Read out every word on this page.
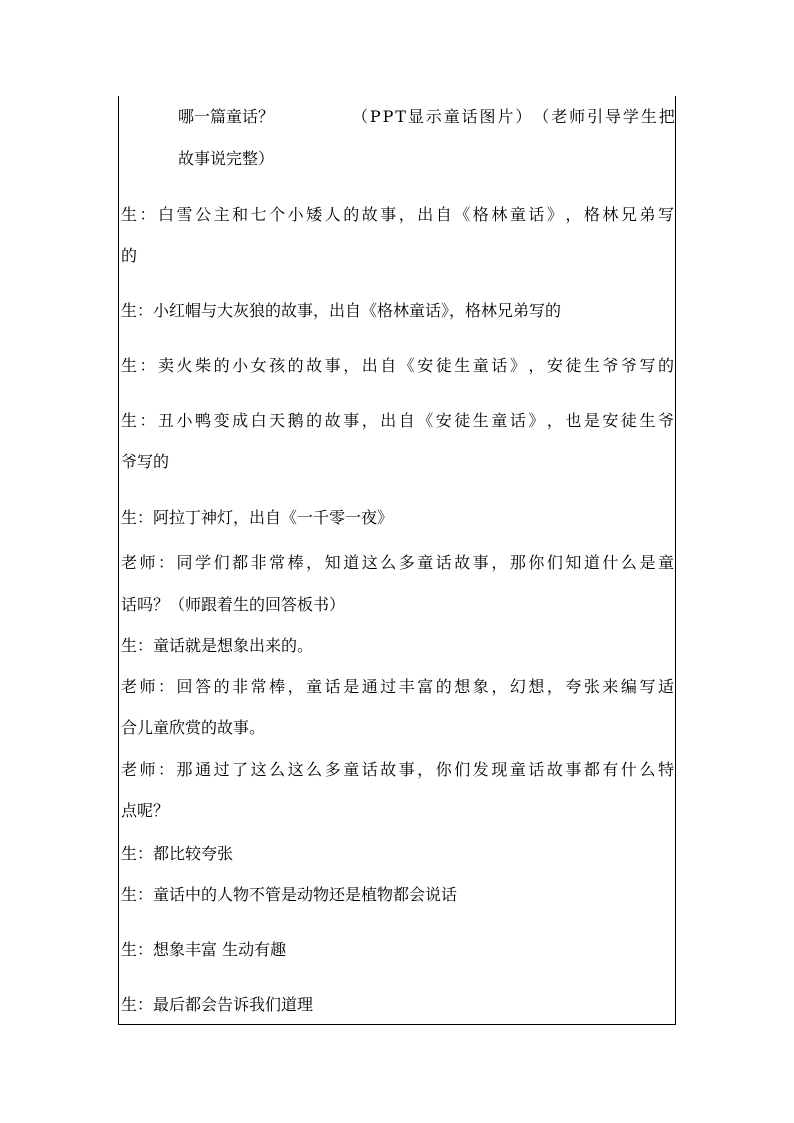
哪一篇童话？	（ P P T 显 示 童 话 图 片 ） （ 老 师 引 导 学 生 把
故事说完整）
生 ： 白 雪 公 主 和 七 个 小 矮 人 的 故 事 ， 出 自 《 格 林 童 话 》 ， 格 林 兄 弟 写
的
生：小红帽与大灰狼的故事，出自《格林童话》，格林兄弟写的
生 ： 卖 火 柴 的 小 女 孩 的 故 事 ， 出 自 《 安 徒 生 童 话 》 ， 安 徒 生 爷 爷 写 的
生 ： 丑 小 鸭 变 成 白 天 鹅 的 故 事 ， 出 自 《 安 徒 生 童 话 》 ， 也 是 安 徒 生 爷
爷写的
生：阿拉丁神灯，出自《一千零一夜》
老 师 ： 同 学 们 都 非 常 棒 ， 知 道 这 么 多 童 话 故 事 ， 那 你 们 知 道 什 么 是 童
话吗？（师跟着生的回答板书）
生：童话就是想象出来的。
老 师 ： 回 答 的 非 常 棒 ， 童 话 是 通 过 丰 富 的 想 象 ， 幻 想 ， 夸 张 来 编 写 适
合儿童欣赏的故事。
老 师 ： 那 通 过 了 这 么 这 么 多 童 话 故 事 ， 你 们 发 现 童 话 故 事 都 有 什 么 特
点呢？
生：都比较夸张
生：童话中的人物不管是动物还是植物都会说话
生：想象丰富 生动有趣
生：最后都会告诉我们道理
